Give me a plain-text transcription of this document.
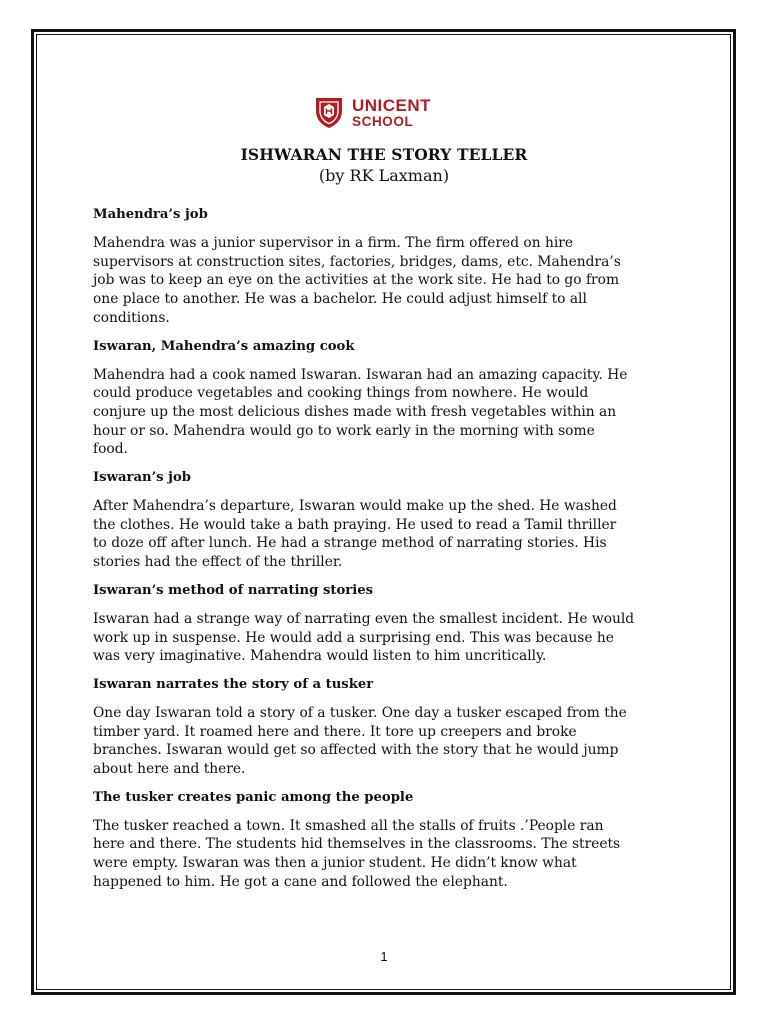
UNICENT
SCHOOL
ISHWARAN THE STORY TELLER
(by RK Laxman)

Mahendra’s job

Mahendra was a junior supervisor in a firm. The firm offered on hire
supervisors at construction sites, factories, bridges, dams, etc. Mahendra’s
job was to keep an eye on the activities at the work site. He had to go from
one place to another. He was a bachelor. He could adjust himself to all
conditions.

Iswaran, Mahendra’s amazing cook

Mahendra had a cook named Iswaran. Iswaran had an amazing capacity. He
could produce vegetables and cooking things from nowhere. He would
conjure up the most delicious dishes made with fresh vegetables within an
hour or so. Mahendra would go to work early in the morning with some
food.

Iswaran’s job

After Mahendra’s departure, Iswaran would make up the shed. He washed
the clothes. He would take a bath praying. He used to read a Tamil thriller
to doze off after lunch. He had a strange method of narrating stories. His
stories had the effect of the thriller.

Iswaran’s method of narrating stories

Iswaran had a strange way of narrating even the smallest incident. He would
work up in suspense. He would add a surprising end. This was because he
was very imaginative. Mahendra would listen to him uncritically.

Iswaran narrates the story of a tusker

One day Iswaran told a story of a tusker. One day a tusker escaped from the
timber yard. It roamed here and there. It tore up creepers and broke
branches. Iswaran would get so affected with the story that he would jump
about here and there.

The tusker creates panic among the people

The tusker reached a town. It smashed all the stalls of fruits .’People ran
here and there. The students hid themselves in the classrooms. The streets
were empty. Iswaran was then a junior student. He didn’t know what
happened to him. He got a cane and followed the elephant.

1
